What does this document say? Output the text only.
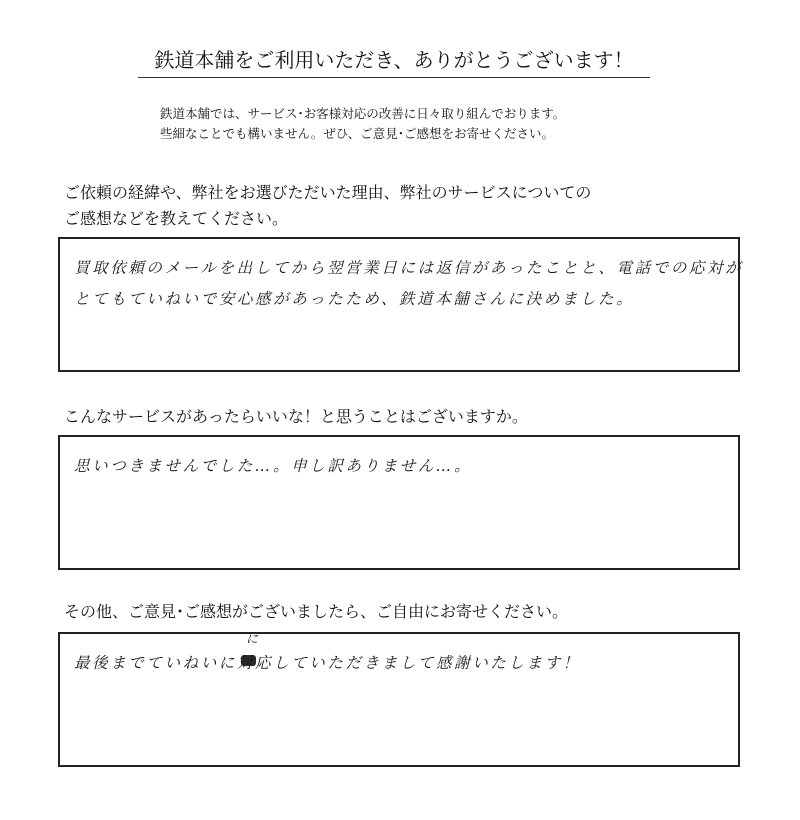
鉄道本舗をご利用いただき、ありがとうございます！
鉄道本舗では、サービス･お客様対応の改善に日々取り組んでおります。
些細なことでも構いません。ぜひ、ご意見･ご感想をお寄せください。
ご依頼の経緯や、弊社をお選びただいた理由、弊社のサービスについての
ご感想などを教えてください。
買取依頼のメールを出してから翌営業日には返信があったことと、電話での応対が
とてもていねいで安心感があったため、鉄道本舗さんに決めました。
こんなサービスがあったらいいな！と思うことはございますか。
思いつきませんでした…。申し訳ありません…。
その他、ご意見･ご感想がございましたら、ご自由にお寄せください。
に
最後までていねいに対応していただきまして感謝いたします！
